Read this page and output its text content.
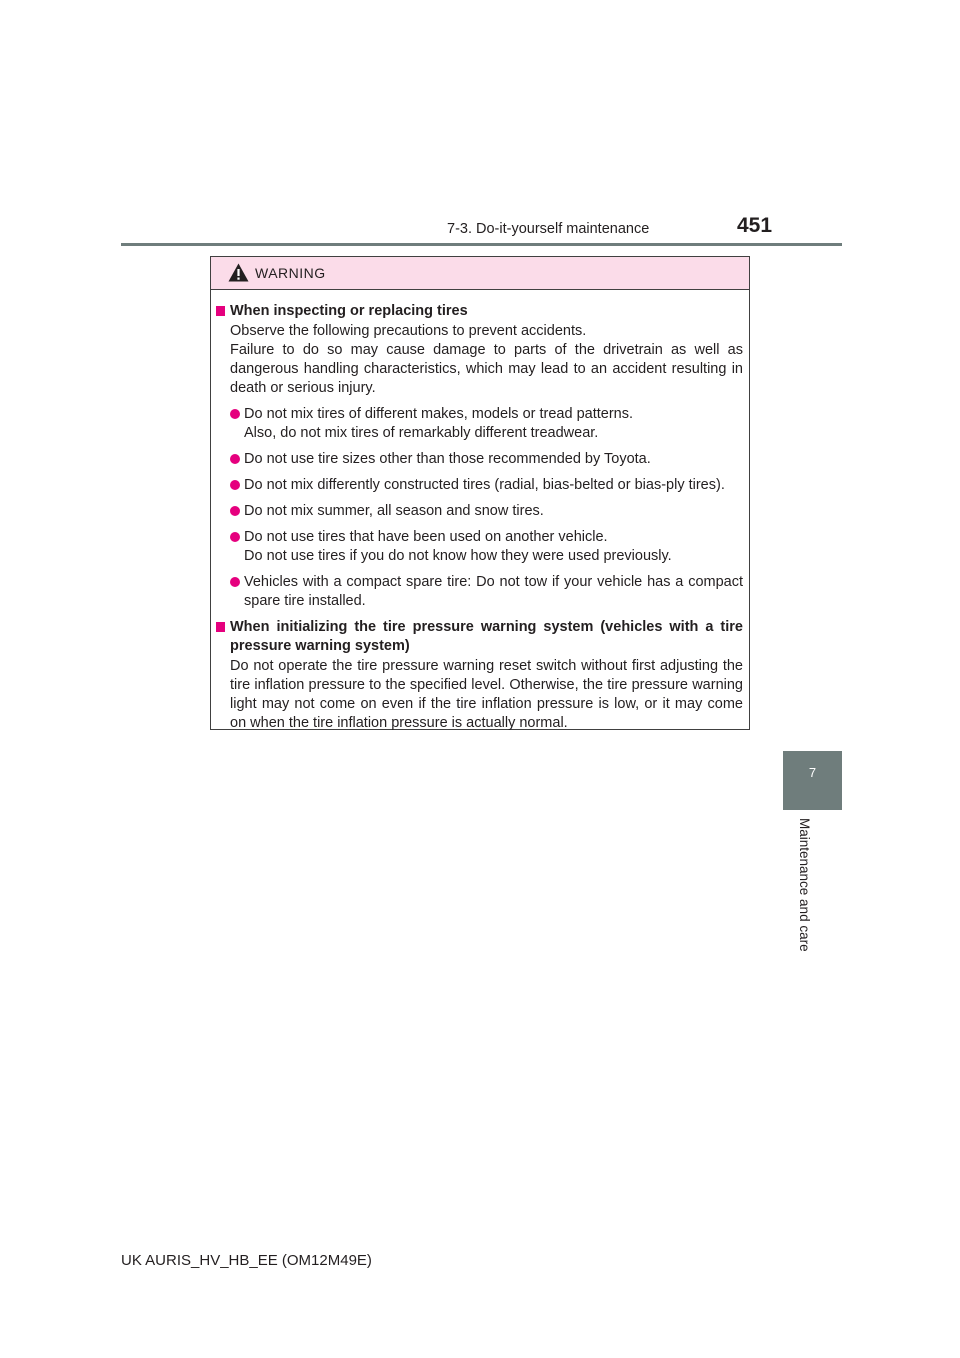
7-3. Do-it-yourself maintenance	451
7
Maintenance and care
WARNING
When inspecting or replacing tires
Observe the following precautions to prevent accidents.
Failure to do so may cause damage to parts of the drivetrain as well as dangerous handling characteristics, which may lead to an accident resulting in death or serious injury.
Do not mix tires of different makes, models or tread patterns.
Also, do not mix tires of remarkably different treadwear.
Do not use tire sizes other than those recommended by Toyota.
Do not mix differently constructed tires (radial, bias-belted or bias-ply tires).
Do not mix summer, all season and snow tires.
Do not use tires that have been used on another vehicle.
Do not use tires if you do not know how they were used previously.
Vehicles with a compact spare tire: Do not tow if your vehicle has a compact spare tire installed.
When initializing the tire pressure warning system (vehicles with a tire pressure warning system)
Do not operate the tire pressure warning reset switch without first adjusting the tire inflation pressure to the specified level. Otherwise, the tire pressure warning light may not come on even if the tire inflation pressure is low, or it may come on when the tire inflation pressure is actually normal.
UK AURIS_HV_HB_EE (OM12M49E)
